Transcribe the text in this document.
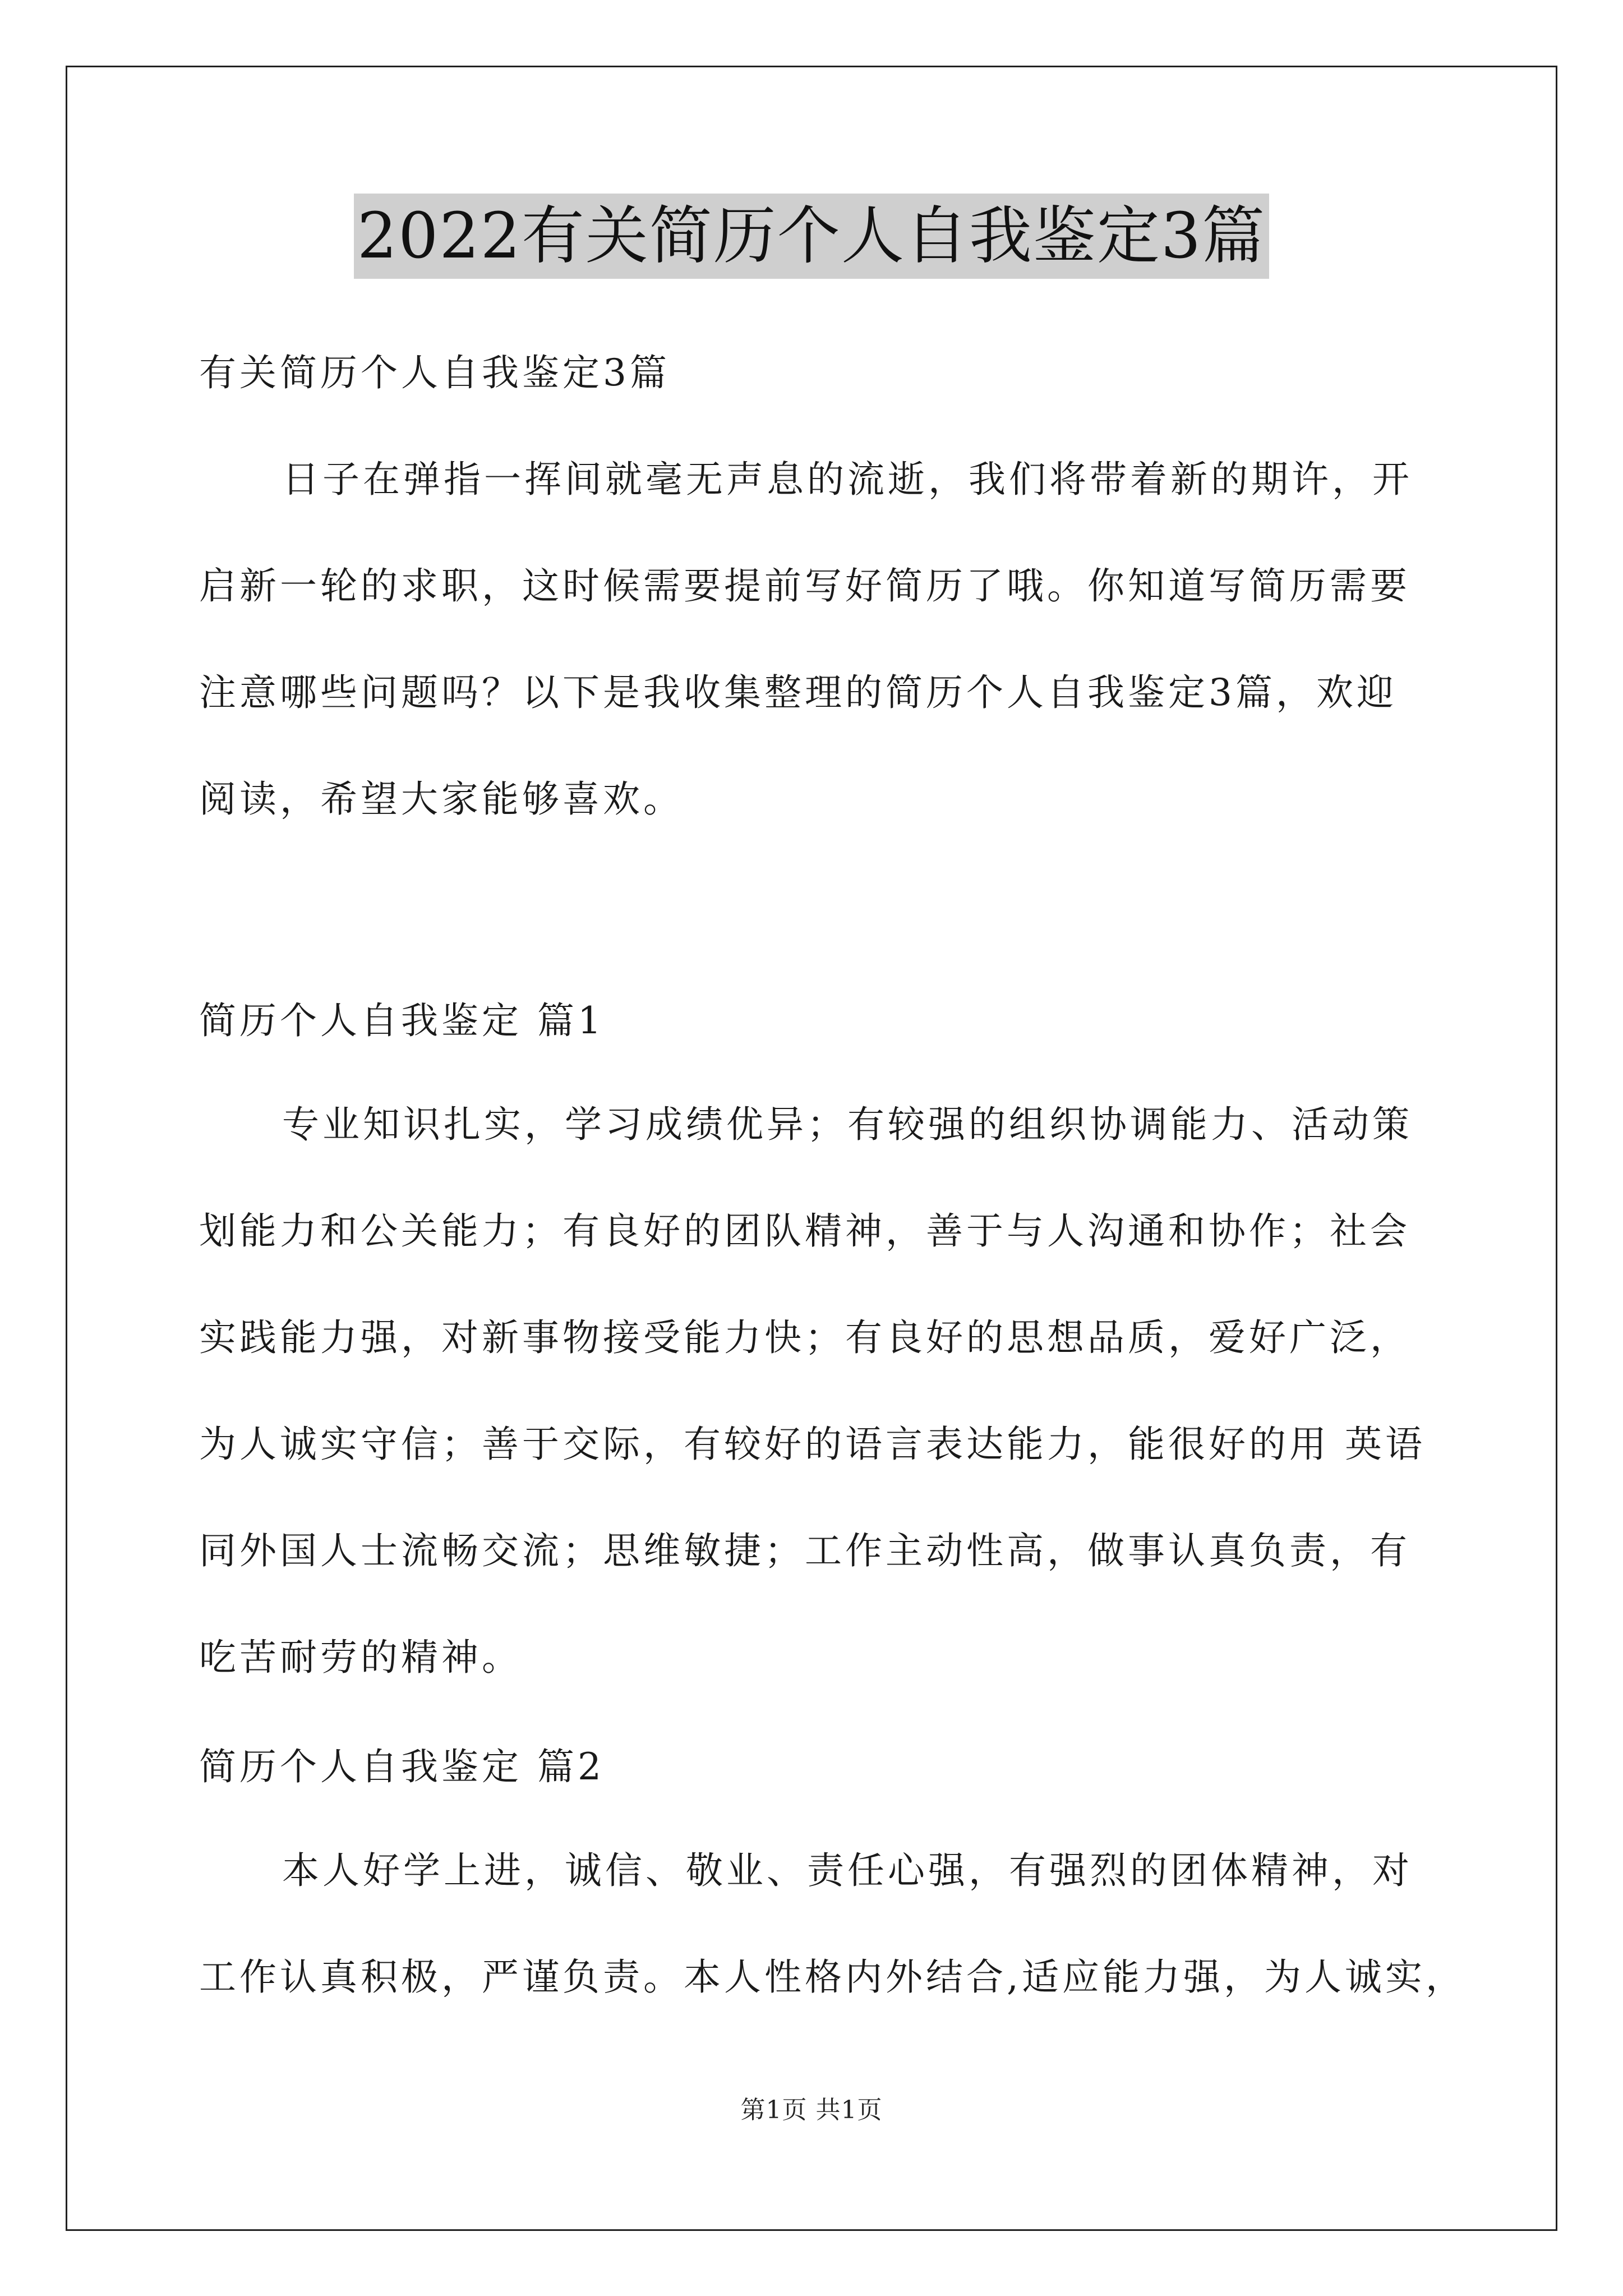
2022有关简历个人自我鉴定3篇
有关简历个人自我鉴定3篇
日子在弹指一挥间就毫无声息的流逝，我们将带着新的期许，开
启新一轮的求职，这时候需要提前写好简历了哦。你知道写简历需要
注意哪些问题吗？以下是我收集整理的简历个人自我鉴定3篇，欢迎
阅读，希望大家能够喜欢。
简历个人自我鉴定 篇1
专业知识扎实，学习成绩优异；有较强的组织协调能力、活动策
划能力和公关能力；有良好的团队精神，善于与人沟通和协作；社会
实践能力强，对新事物接受能力快；有良好的思想品质，爱好广泛，
为人诚实守信；善于交际，有较好的语言表达能力，能很好的用 英语
同外国人士流畅交流；思维敏捷；工作主动性高，做事认真负责，有
吃苦耐劳的精神。
简历个人自我鉴定 篇2
本人好学上进，诚信、敬业、责任心强，有强烈的团体精神，对
工作认真积极，严谨负责。本人性格内外结合,适应能力强，为人诚实，
第1页 共1页
